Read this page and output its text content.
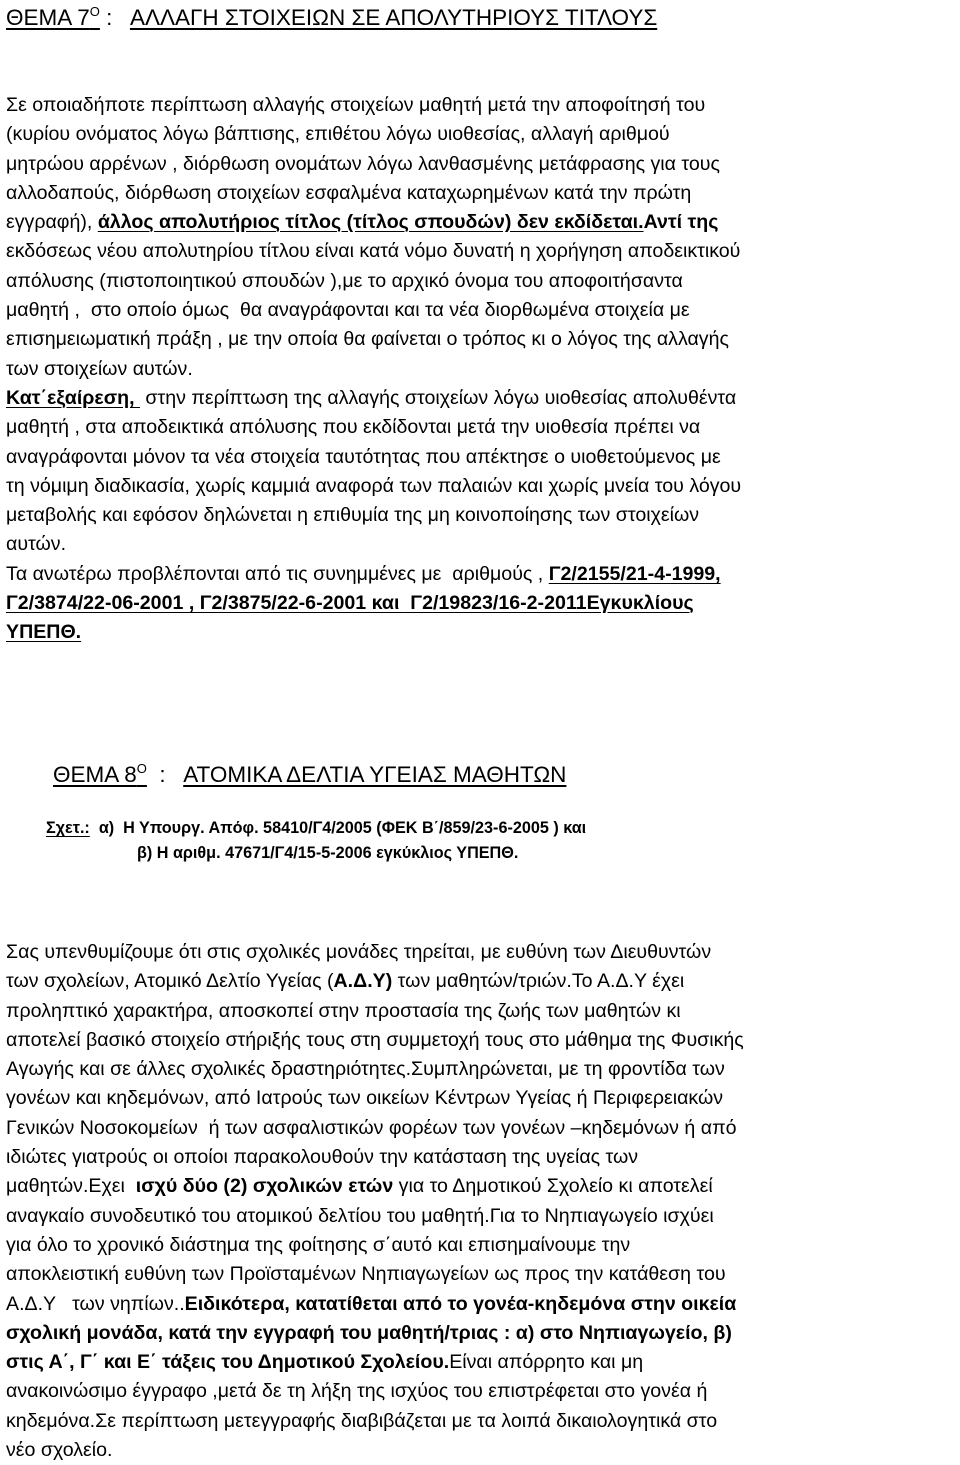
ΘΕΜΑ $7^O$ :   ΑΛΛΑΓΗ ΣΤΟΙΧΕΙΩΝ ΣΕ ΑΠΟΛΥΤΗΡΙΟΥΣ ΤΙΤΛΟΥΣ
Σε οποιαδήποτε περίπτωση αλλαγής στοιχείων μαθητή μετά την αποφοίτησή του
(κυρίου ονόματος λόγω βάπτισης, επιθέτου λόγω υιοθεσίας, αλλαγή αριθμού
μητρώου αρρένων , διόρθωση ονομάτων λόγω λανθασμένης μετάφρασης για τους
αλλοδαπούς, διόρθωση στοιχείων εσφαλμένα καταχωρημένων κατά την πρώτη
εγγραφή), άλλος απολυτήριος τίτλος (τίτλος σπουδών) δεν εκδίδεται.Αντί της
εκδόσεως νέου απολυτηρίου τίτλου είναι κατά νόμο δυνατή η χορήγηση αποδεικτικού
απόλυσης (πιστοποιητικού σπουδών ),με το αρχικό όνομα του αποφοιτήσαντα
μαθητή ,  στο οποίο όμως  θα αναγράφονται και τα νέα διορθωμένα στοιχεία με
επισημειωματική πράξη , με την οποία θα φαίνεται ο τρόπος κι ο λόγος της αλλαγής
των στοιχείων αυτών.
Κατ΄εξαίρεση,  στην περίπτωση της αλλαγής στοιχείων λόγω υιοθεσίας απολυθέντα
μαθητή , στα αποδεικτικά απόλυσης που εκδίδονται μετά την υιοθεσία πρέπει να
αναγράφονται μόνον τα νέα στοιχεία ταυτότητας που απέκτησε ο υιοθετούμενος με
τη νόμιμη διαδικασία, χωρίς καμμιά αναφορά των παλαιών και χωρίς μνεία του λόγου
μεταβολής και εφόσον δηλώνεται η επιθυμία της μη κοινοποίησης των στοιχείων
αυτών.
Τα ανωτέρω προβλέπονται από τις συνημμένες με  αριθμούς , Γ2/2155/21-4-1999,
Γ2/3874/22-06-2001 , Γ2/3875/22-6-2001 και  Γ2/19823/16-2-2011Εγκυκλίους
ΥΠΕΠΘ.
ΘΕΜΑ $8^O$  :   ΑΤΟΜΙΚΑ ΔΕΛΤΙΑ ΥΓΕΙΑΣ ΜΑΘΗΤΩΝ
Σχετ.:  α)  Η Υπουργ. Απόφ. 58410/Γ4/2005 (ΦΕΚ Β΄/859/23-6-2005 ) και
β) Η αριθμ. 47671/Γ4/15-5-2006 εγκύκλιος ΥΠΕΠΘ.
Σας υπενθυμίζουμε ότι στις σχολικές μονάδες τηρείται, με ευθύνη των Διευθυντών
των σχολείων, Ατομικό Δελτίο Υγείας (Α.Δ.Υ) των μαθητών/τριών.Το Α.Δ.Υ έχει
προληπτικό χαρακτήρα, αποσκοπεί στην προστασία της ζωής των μαθητών κι
αποτελεί βασικό στοιχείο στήριξής τους στη συμμετοχή τους στο μάθημα της Φυσικής
Αγωγής και σε άλλες σχολικές δραστηριότητες.Συμπληρώνεται, με τη φροντίδα των
γονέων και κηδεμόνων, από Ιατρούς των οικείων Κέντρων Υγείας ή Περιφερειακών
Γενικών Νοσοκομείων  ή των ασφαλιστικών φορέων των γονέων –κηδεμόνων ή από
ιδιώτες γιατρούς οι οποίοι παρακολουθούν την κατάσταση της υγείας των
μαθητών.Εχει  ισχύ δύο (2) σχολικών ετών για το Δημοτικού Σχολείο κι αποτελεί
αναγκαίο συνοδευτικό του ατομικού δελτίου του μαθητή.Για το Νηπιαγωγείο ισχύει
για όλο το χρονικό διάστημα της φοίτησης σ΄αυτό και επισημαίνουμε την
αποκλειστική ευθύνη των Προϊσταμένων Νηπιαγωγείων ως προς την κατάθεση του
Α.Δ.Υ   των νηπίων..Ειδικότερα, κατατίθεται από το γονέα-κηδεμόνα στην οικεία
σχολική μονάδα, κατά την εγγραφή του μαθητή/τριας : α) στο Νηπιαγωγείο, β)
στις Α΄, Γ΄ και Ε΄ τάξεις του Δημοτικού Σχολείου.Είναι απόρρητο και μη
ανακοινώσιμο έγγραφο ,μετά δε τη λήξη της ισχύος του επιστρέφεται στο γονέα ή
κηδεμόνα.Σε περίπτωση μετεγγραφής διαβιβάζεται με τα λοιπά δικαιολογητικά στο
νέο σχολείο.
